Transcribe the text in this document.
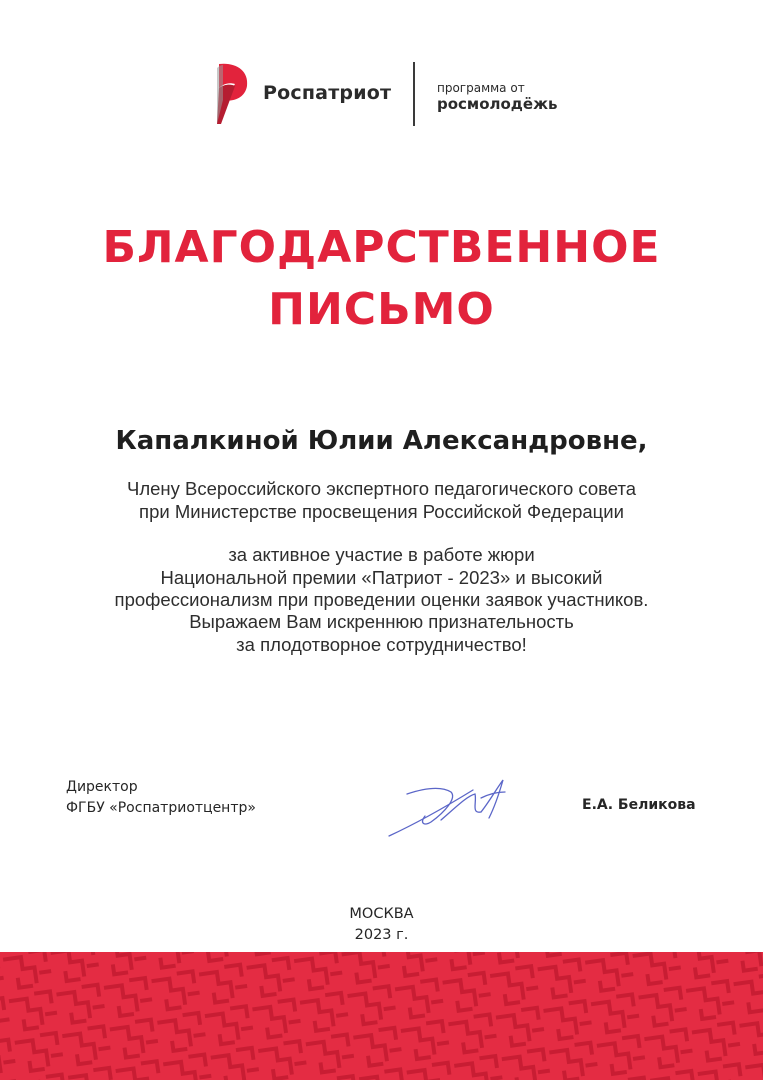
Роспатриот	программа от
росмолодёжь
БЛАГОДАРСТВЕННОЕ
ПИСЬМО
Капалкиной Юлии Александровне,
Члену Всероссийского экспертного педагогического совета
при Министерстве просвещения Российской Федерации
за активное участие в работе жюри
Национальной премии «Патриот - 2023» и высокий
профессионализм при проведении оценки заявок участников.
Выражаем Вам искреннюю признательность
за плодотворное сотрудничество!
Директор
ФГБУ «Роспатриотцентр»	Е.А. Беликова
МОСКВА
2023 г.
